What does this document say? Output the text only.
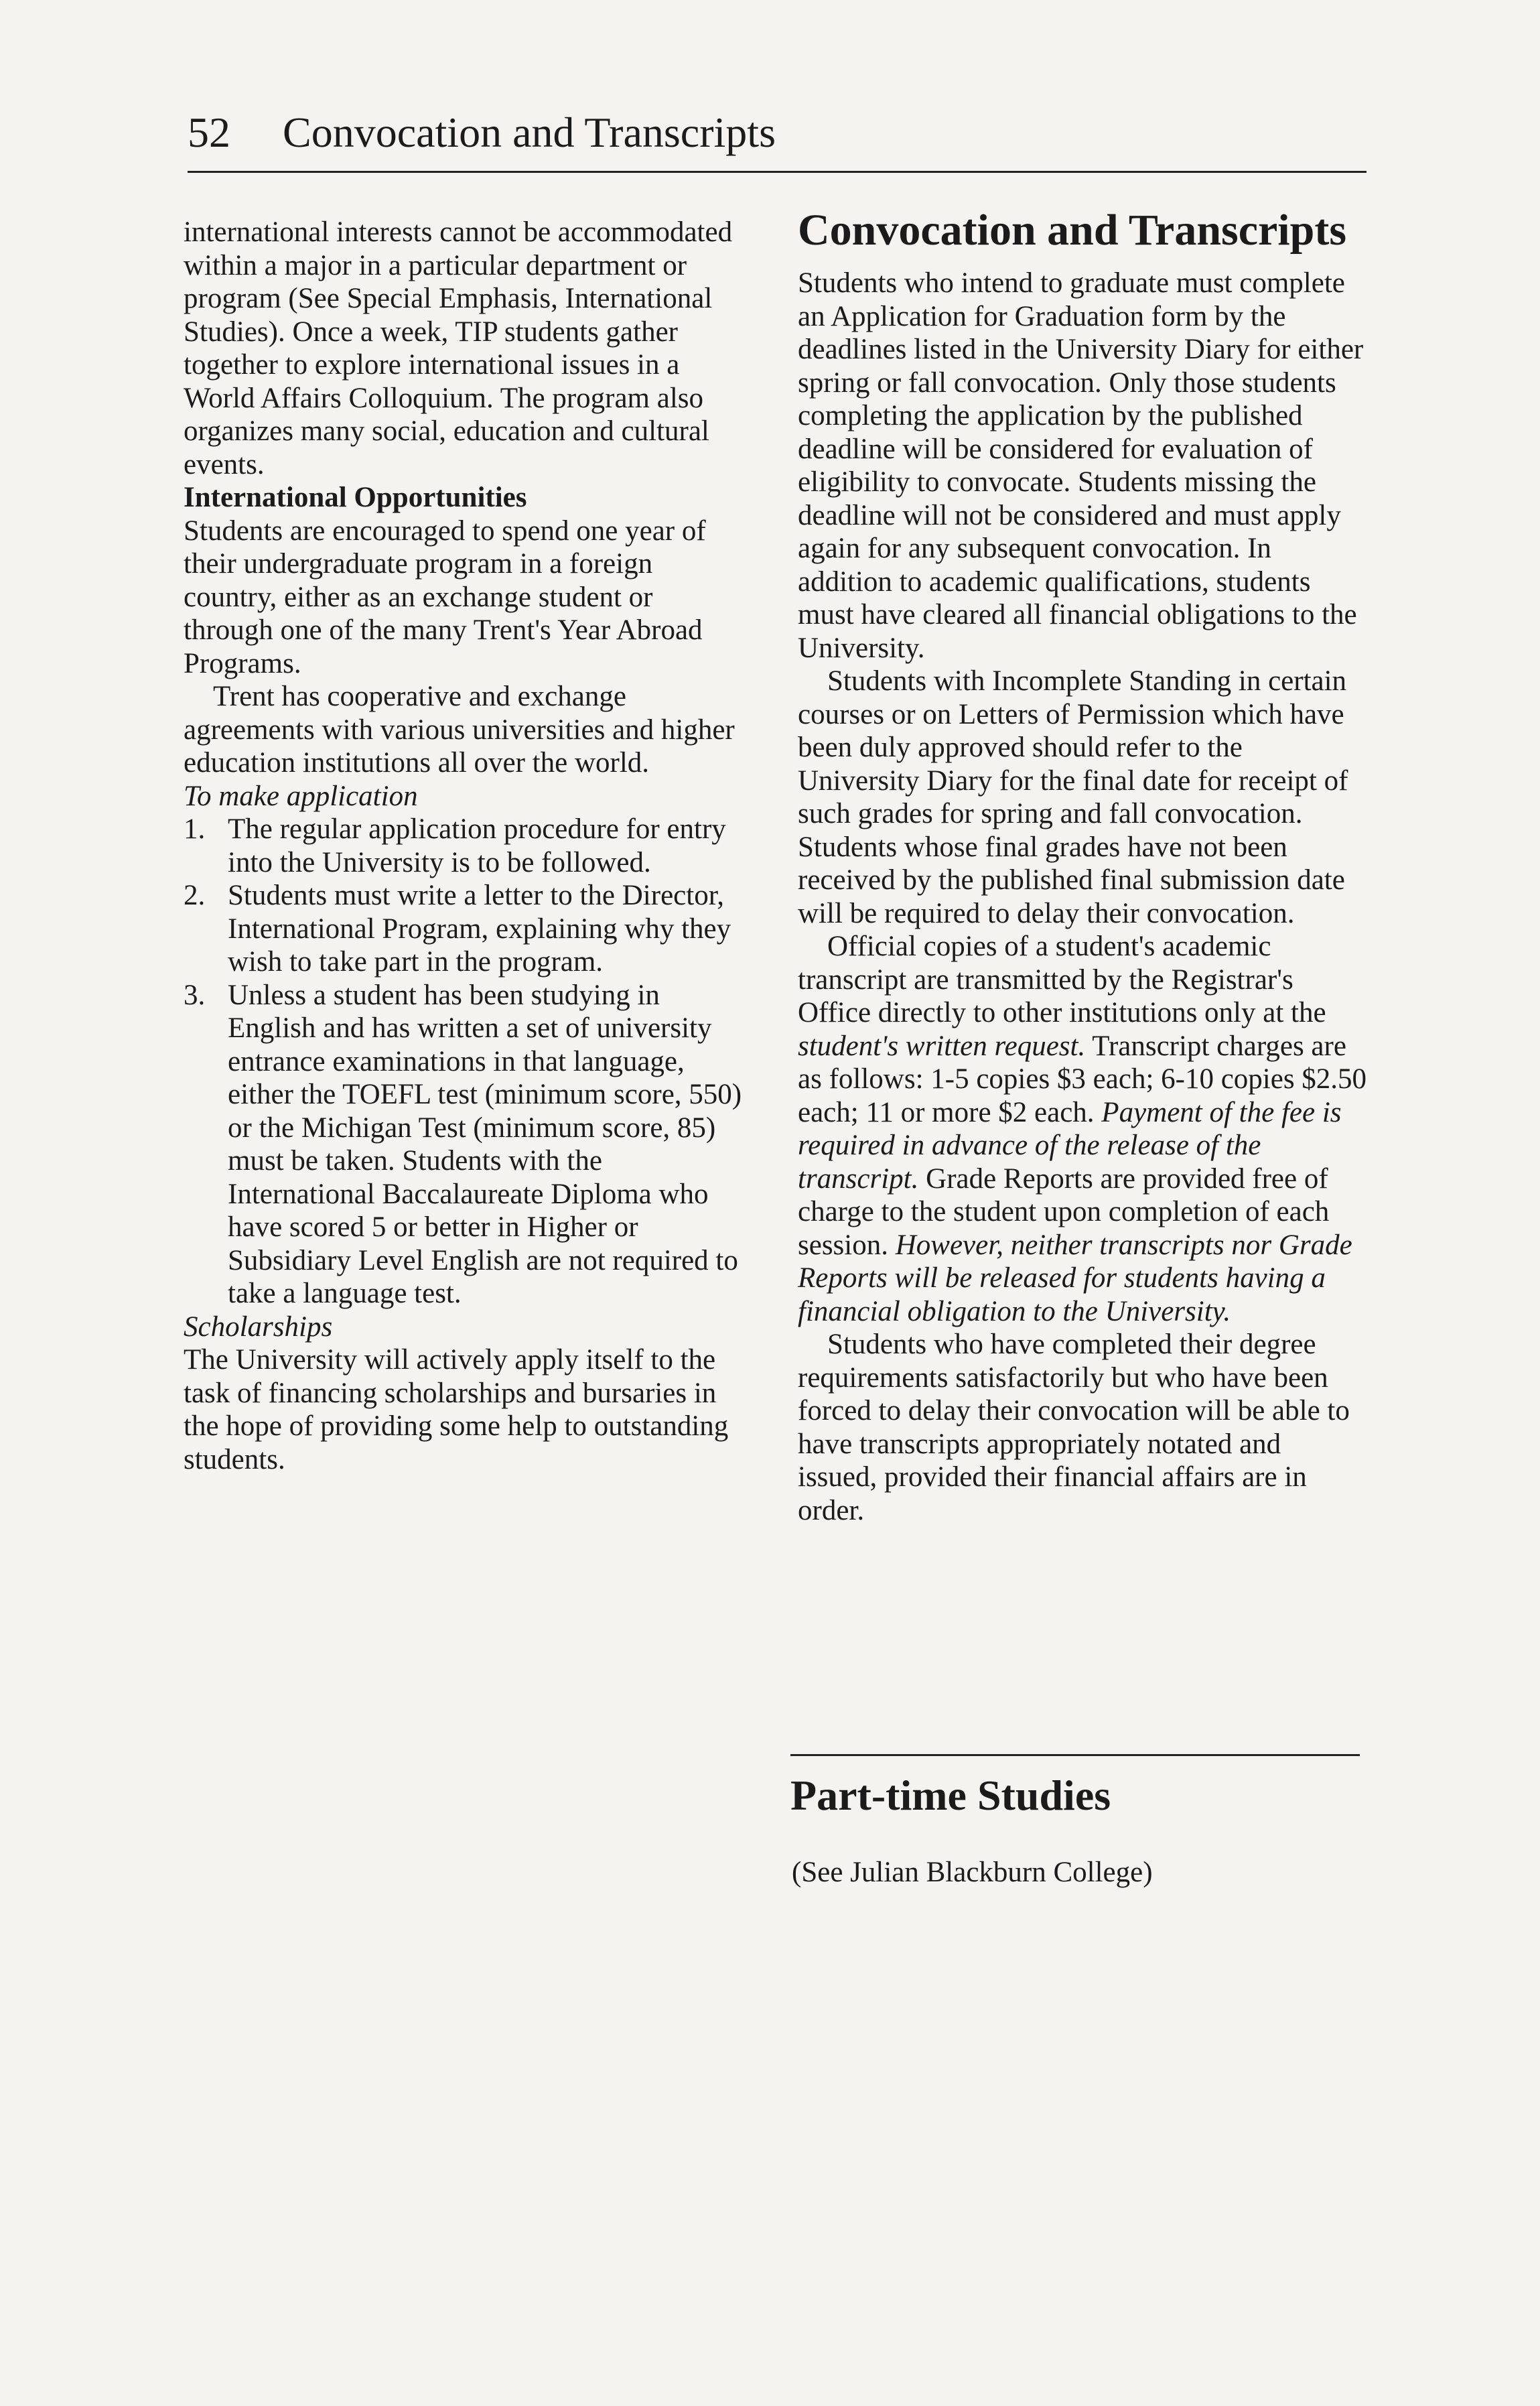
52 Convocation and Transcripts

international interests cannot be accommodated within a major in a particular department or program (See Special Emphasis, International Studies). Once a week, TIP students gather together to explore international issues in a World Affairs Colloquium. The program also organizes many social, education and cultural events.

International Opportunities

Students are encouraged to spend one year of their undergraduate program in a foreign country, either as an exchange student or through one of the many Trent's Year Abroad Programs.

Trent has cooperative and exchange agreements with various universities and higher education institutions all over the world.

To make application

1. The regular application procedure for entry into the University is to be followed.
2. Students must write a letter to the Director, International Program, explaining why they wish to take part in the program.
3. Unless a student has been studying in English and has written a set of university entrance examinations in that language, either the TOEFL test (minimum score, 550) or the Michigan Test (minimum score, 85) must be taken. Students with the International Baccalaureate Diploma who have scored 5 or better in Higher or Subsidiary Level English are not required to take a language test.

Scholarships

The University will actively apply itself to the task of financing scholarships and bursaries in the hope of providing some help to outstanding students.

Convocation and Transcripts

Students who intend to graduate must complete an Application for Graduation form by the deadlines listed in the University Diary for either spring or fall convocation. Only those students completing the application by the published deadline will be considered for evaluation of eligibility to convocate. Students missing the deadline will not be considered and must apply again for any subsequent convocation. In addition to academic qualifications, students must have cleared all financial obligations to the University.

Students with Incomplete Standing in certain courses or on Letters of Permission which have been duly approved should refer to the University Diary for the final date for receipt of such grades for spring and fall convocation. Students whose final grades have not been received by the published final submission date will be required to delay their convocation.

Official copies of a student's academic transcript are transmitted by the Registrar's Office directly to other institutions only at the student's written request. Transcript charges are as follows: 1-5 copies $3 each; 6-10 copies $2.50 each; 11 or more $2 each. Payment of the fee is required in advance of the release of the transcript. Grade Reports are provided free of charge to the student upon completion of each session. However, neither transcripts nor Grade Reports will be released for students having a financial obligation to the University.

Students who have completed their degree requirements satisfactorily but who have been forced to delay their convocation will be able to have transcripts appropriately notated and issued, provided their financial affairs are in order.

Part-time Studies
(See Julian Blackburn College)
